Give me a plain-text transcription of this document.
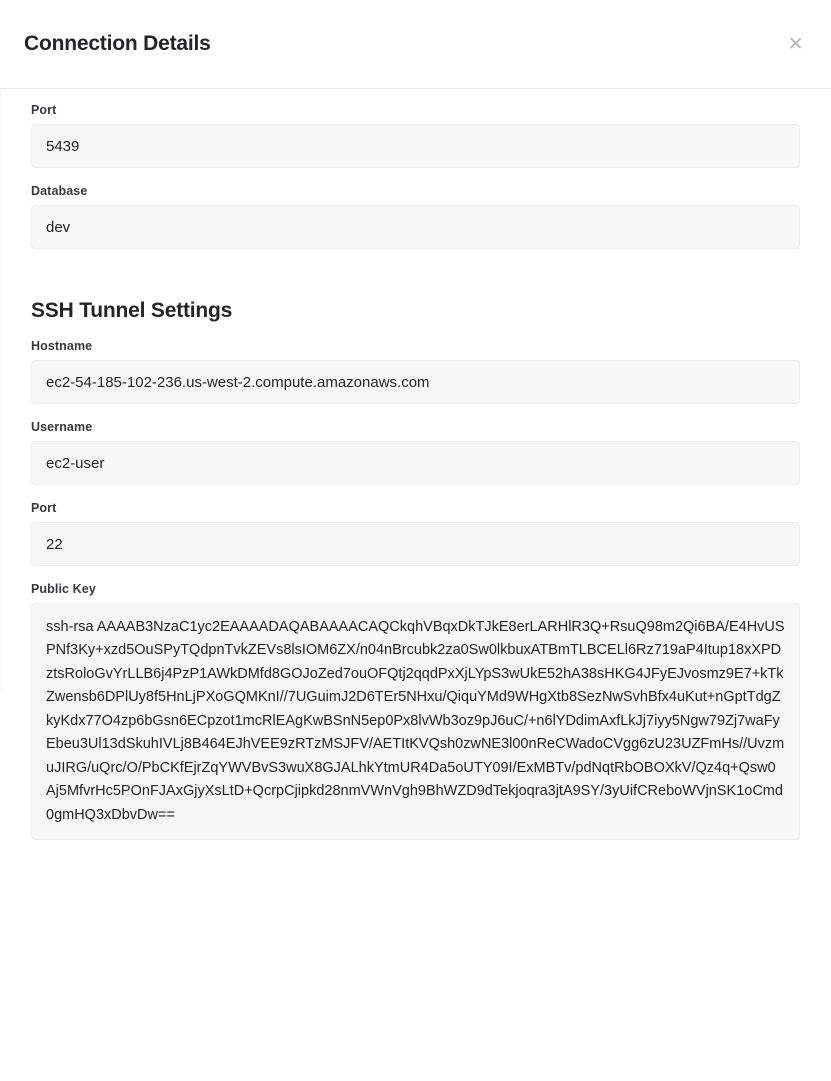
Connection Details	×
Port
5439
Database
dev
SSH Tunnel Settings
Hostname
ec2-54-185-102-236.us-west-2.compute.amazonaws.com
Username
ec2-user
Port
22
Public Key
ssh-rsa AAAAB3NzaC1yc2EAAAADAQABAAAACAQCkqhVBqxDkTJkE8erLARHlR3Q+RsuQ98m2Qi6BA/E4HvUSPNf3Ky+xzd5OuSPyTQdpnTvkZEVs8lsIOM6ZX/n04nBrcubk2za0Sw0lkbuxATBmTLBCELl6Rz719aP4Itup18xXPDztsRoloGvYrLLB6j4PzP1AWkDMfd8GOJoZed7ouOFQtj2qqdPxXjLYpS3wUkE52hA38sHKG4JFyEJvosmz9E7+kTkZwensb6DPlUy8f5HnLjPXoGQMKnI//7UGuimJ2D6TEr5NHxu/QiquYMd9WHgXtb8SezNwSvhBfx4uKut+nGptTdgZkyKdx77O4zp6bGsn6ECpzot1mcRlEAgKwBSnN5ep0Px8lvWb3oz9pJ6uC/+n6lYDdimAxfLkJj7iyy5Ngw79Zj7waFyEbeu3Ul13dSkuhIVLj8B464EJhVEE9zRTzMSJFV/AETItKVQsh0zwNE3l00nReCWadoCVgg6zU23UZFmHs//UvzmuJIRG/uQrc/O/PbCKfEjrZqYWVBvS3wuX8GJALhkYtmUR4Da5oUTY09I/ExMBTv/pdNqtRbOBOXkV/Qz4q+Qsw0Aj5MfvrHc5POnFJAxGjyXsLtD+QcrpCjipkd28nmVWnVgh9BhWZD9dTekjoqra3jtA9SY/3yUifCReboWVjnSK1oCmd0gmHQ3xDbvDw==
